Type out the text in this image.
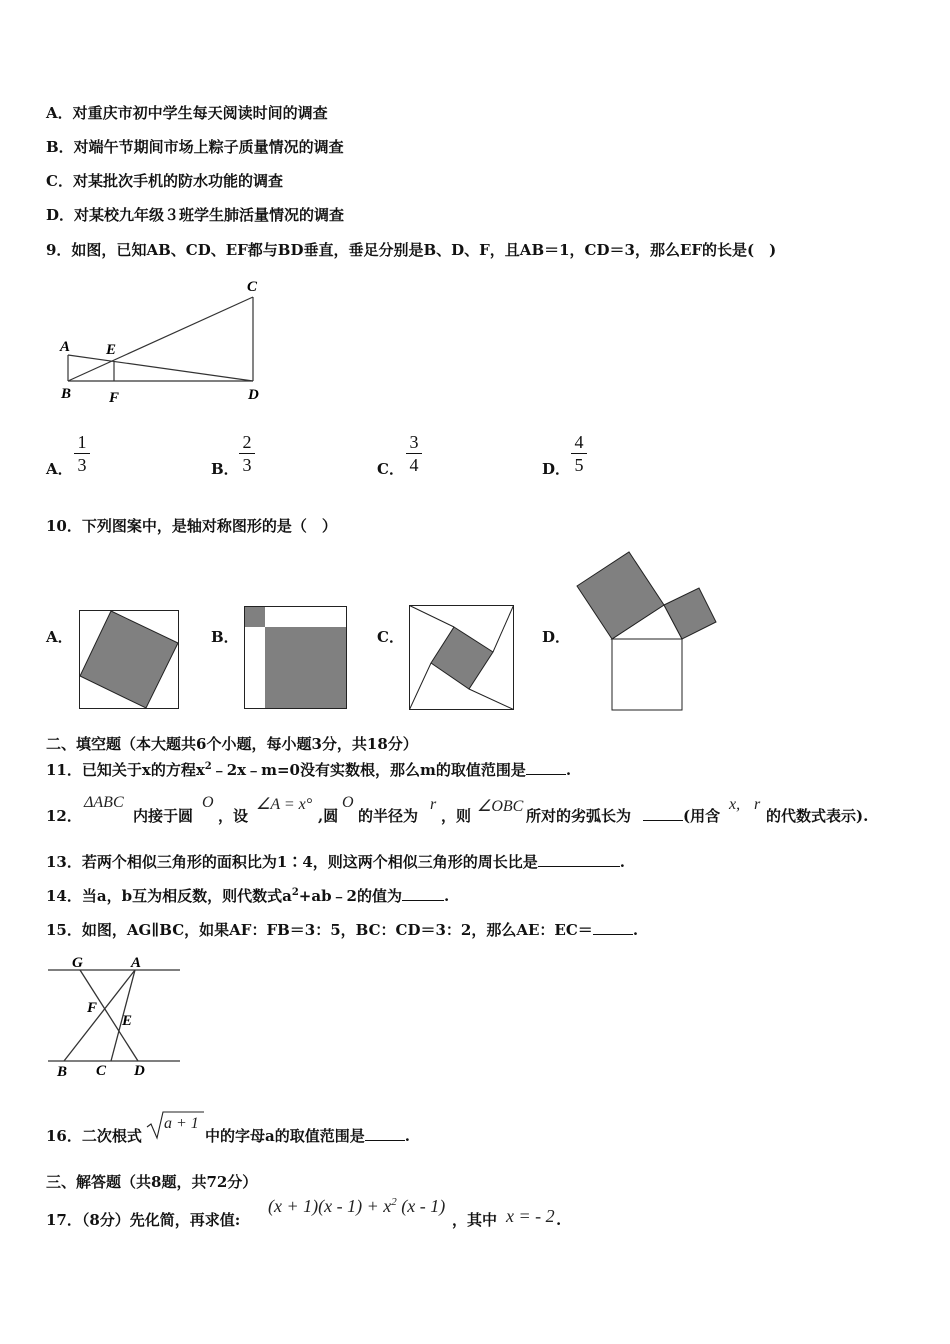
A．对重庆市初中学生每天阅读时间的调查
B．对端午节期间市场上粽子质量情况的调查
C．对某批次手机的防水功能的调查
D．对某校九年级３班学生肺活量情况的调查
9．如图，已知AB、CD、EF都与BD垂直，垂足分别是B、D、F，且AB＝1，CD＝3，那么EF的长是(　)
C
A E
B	F	D
A．
1
3	B．
2
3	C．
3
4	D．
4
5
10．下列图案中，是轴对称图形的是（　）
A．	B．	C．	D．
二、填空题（本大题共6个小题，每小题3分，共18分）
11．已知关于x的方程$x^2﹣2x﹣m=0$没有实数根，那么m的取值范围是	.
12．
ΔABC
内接于圆
O
，设
∠A = x°
,圆
O
的半径为
r
，则
∠OBC
所对的劣弧长为	(用含
x, r
的代数式表示).
13．若两个相似三角形的面积比为1∶4，则这两个相似三角形的周长比是	.
14．当a，b互为相反数，则代数式$a^2+ab﹣2$的值为	.
15．如图，AG∥BC，如果AF：FB＝3：5，BC：CD＝3：2，那么AE：EC＝	.
G	A
F
E
B C D
16．二次根式
a + 1
中的字母a的取值范围是	.
三、解答题（共8题，共72分）
17．（8分）先化简，再求值:
$(x + 1)(x - 1) + x^2$ (x - 1)
，其中 x = - 2 .
